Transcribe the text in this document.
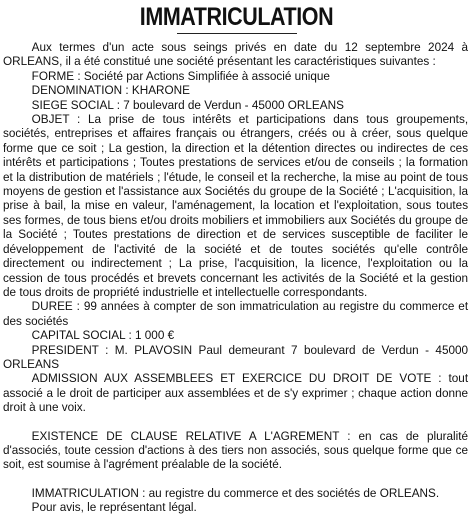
IMMATRICULATION

Aux termes d'un acte sous seings privés en date du 12 septembre 2024 à ORLEANS, il a été constitué une société présentant les caractéristiques suivantes :

FORME : Société par Actions Simplifiée à associé unique

DENOMINATION : KHARONE

SIEGE SOCIAL : 7 boulevard de Verdun - 45000 ORLEANS

OBJET : La prise de tous intérêts et participations dans tous groupements, sociétés, entreprises et affaires français ou étrangers, créés ou à créer, sous quelque forme que ce soit ; La gestion, la direction et la détention directes ou indirectes de ces intérêts et participations ; Toutes prestations de services et/ou de conseils ; la formation et la distribution de matériels ; l'étude, le conseil et la recherche, la mise au point de tous moyens de gestion et l'assistance aux Sociétés du groupe de la Société ; L'acquisition, la prise à bail, la mise en valeur, l'aménagement, la location et l'exploitation, sous toutes ses formes, de tous biens et/ou droits mobiliers et immobiliers aux Sociétés du groupe de la Société ; Toutes prestations de direction et de services susceptible de faciliter le développement de l'activité de la société et de toutes sociétés qu'elle contrôle directement ou indirectement ; La prise, l'acquisition, la licence, l'exploitation ou la cession de tous procédés et brevets concernant les activités de la Société et la gestion de tous droits de propriété industrielle et intellectuelle correspondants.

DUREE : 99 années à compter de son immatriculation au registre du commerce et des sociétés

CAPITAL SOCIAL : 1 000 €

PRESIDENT : M. PLAVOSIN Paul demeurant 7 boulevard de Verdun - 45000 ORLEANS

ADMISSION AUX ASSEMBLEES ET EXERCICE DU DROIT DE VOTE : tout associé a le droit de participer aux assemblées et de s'y exprimer ; chaque action donne droit à une voix.

EXISTENCE DE CLAUSE RELATIVE A L'AGREMENT : en cas de pluralité d'associés, toute cession d'actions à des tiers non associés, sous quelque forme que ce soit, est soumise à l'agrément préalable de la société.

IMMATRICULATION : au registre du commerce et des sociétés de ORLEANS.

Pour avis, le représentant légal.
